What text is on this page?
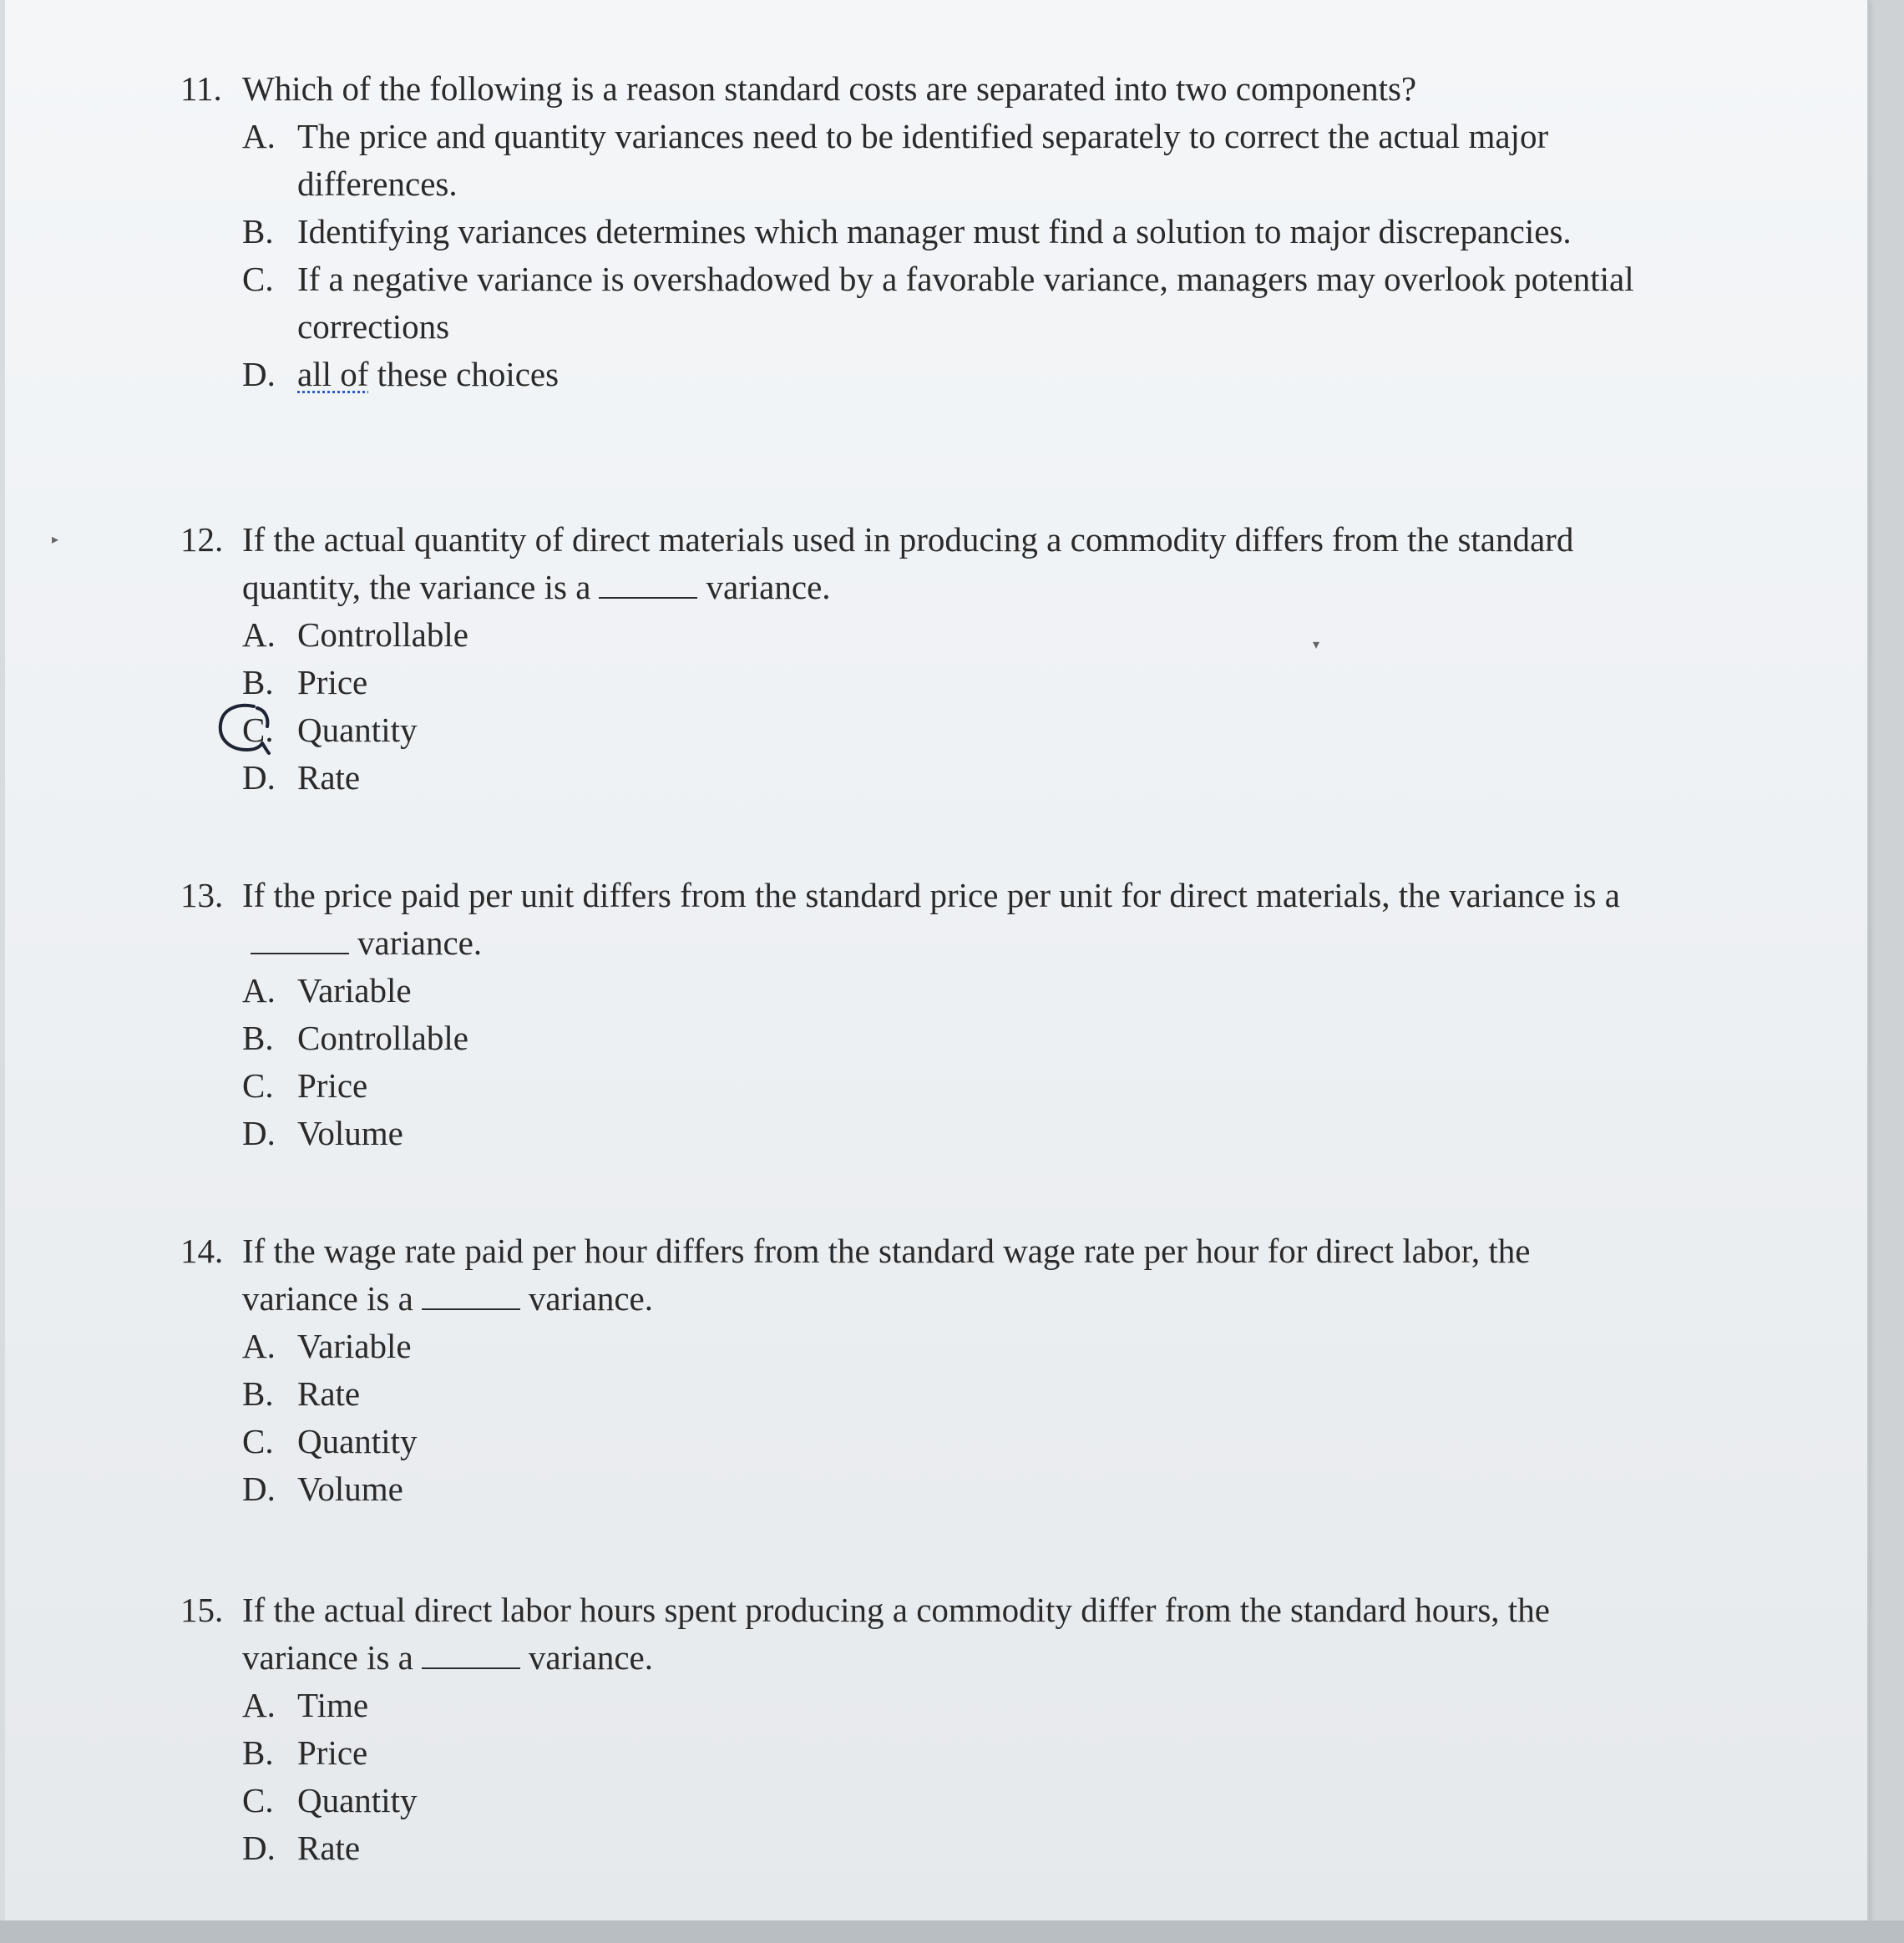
11. Which of the following is a reason standard costs are separated into two components?
A. The price and quantity variances need to be identified separately to correct the actual major differences.
B. Identifying variances determines which manager must find a solution to major discrepancies.
C. If a negative variance is overshadowed by a favorable variance, managers may overlook potential corrections
D. all of these choices
12. If the actual quantity of direct materials used in producing a commodity differs from the standard quantity, the variance is a	variance.
A. Controllable
B. Price
C. Quantity
D. Rate
13. If the price paid per unit differs from the standard price per unit for direct materials, the variance is avariance.
A. Variable
B. Controllable
C. Price
D. Volume
14. If the wage rate paid per hour differs from the standard wage rate per hour for direct labor, the variance is a	variance.
A. Variable
B. Rate
C. Quantity
D. Volume
15. If the actual direct labor hours spent producing a commodity differ from the standard hours, the variance is a	variance.
A. Time
B. Price
C. Quantity
D. Rate
▸
▾
